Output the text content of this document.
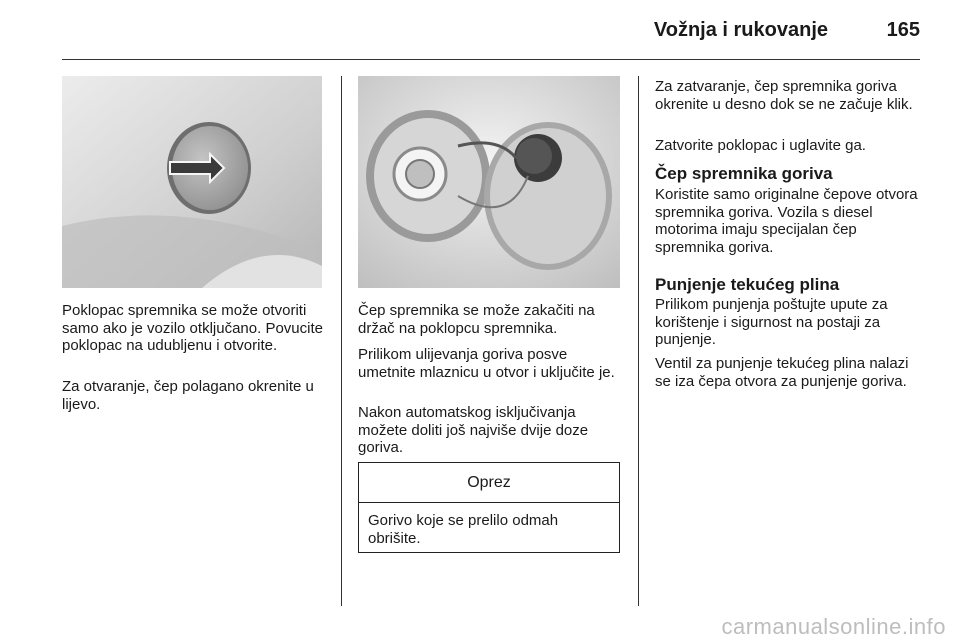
Vožnja i rukovanje	165

Poklopac spremnika se može otvoriti samo ako je vozilo otključano. Povucite poklopac na udubljenu i otvorite.

Za otvaranje, čep polagano okrenite u lijevo.

Čep spremnika se može zakačiti na držač na poklopcu spremnika.

Prilikom ulijevanja goriva posve umetnite mlaznicu u otvor i uključite je.

Nakon automatskog isključivanja možete doliti još najviše dvije doze goriva.

Oprez
Gorivo koje se prelilo odmah obrišite.

Za zatvaranje, čep spremnika goriva okrenite u desno dok se ne začuje klik.

Zatvorite poklopac i uglavite ga.

Čep spremnika goriva

Koristite samo originalne čepove otvora spremnika goriva. Vozila s diesel motorima imaju specijalan čep spremnika goriva.

Punjenje tekućeg plina

Prilikom punjenja poštujte upute za korištenje i sigurnost na postaji za punjenje.

Ventil za punjenje tekućeg plina nalazi se iza čepa otvora za punjenje goriva.

carmanualsonline.info
